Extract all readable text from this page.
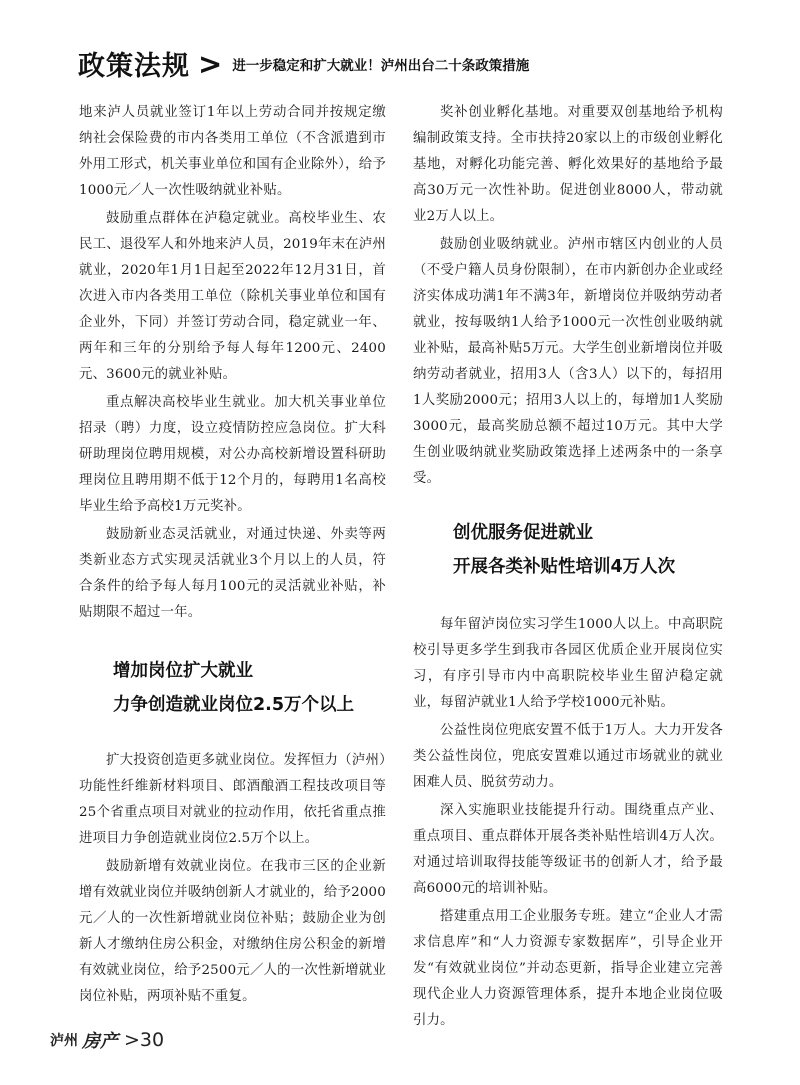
政策法规 > 进一步稳定和扩大就业！泸州出台二十条政策措施

地来泸人员就业签订1年以上劳动合同并按规定缴纳社会保险费的市内各类用工单位（不含派遣到市外用工形式，机关事业单位和国有企业除外），给予1000元／人一次性吸纳就业补贴。

鼓励重点群体在泸稳定就业。高校毕业生、农民工、退役军人和外地来泸人员，2019年末在泸州就业，2020年1月1日起至2022年12月31日，首次进入市内各类用工单位（除机关事业单位和国有企业外，下同）并签订劳动合同，稳定就业一年、两年和三年的分别给予每人每年1200元、2400元、3600元的就业补贴。

重点解决高校毕业生就业。加大机关事业单位招录（聘）力度，设立疫情防控应急岗位。扩大科研助理岗位聘用规模，对公办高校新增设置科研助理岗位且聘用期不低于12个月的，每聘用1名高校毕业生给予高校1万元奖补。

鼓励新业态灵活就业，对通过快递、外卖等两类新业态方式实现灵活就业3个月以上的人员，符合条件的给予每人每月100元的灵活就业补贴，补贴期限不超过一年。

增加岗位扩大就业
力争创造就业岗位2.5万个以上

扩大投资创造更多就业岗位。发挥恒力（泸州）功能性纤维新材料项目、郎酒酿酒工程技改项目等25个省重点项目对就业的拉动作用，依托省重点推进项目力争创造就业岗位2.5万个以上。

鼓励新增有效就业岗位。在我市三区的企业新增有效就业岗位并吸纳创新人才就业的，给予2000元／人的一次性新增就业岗位补贴；鼓励企业为创新人才缴纳住房公积金，对缴纳住房公积金的新增有效就业岗位，给予2500元／人的一次性新增就业岗位补贴，两项补贴不重复。

奖补创业孵化基地。对重要双创基地给予机构编制政策支持。全市扶持20家以上的市级创业孵化基地，对孵化功能完善、孵化效果好的基地给予最高30万元一次性补助。促进创业8000人，带动就业2万人以上。

鼓励创业吸纳就业。泸州市辖区内创业的人员（不受户籍人员身份限制），在市内新创办企业或经济实体成功满1年不满3年，新增岗位并吸纳劳动者就业，按每吸纳1人给予1000元一次性创业吸纳就业补贴，最高补贴5万元。大学生创业新增岗位并吸纳劳动者就业，招用3人（含3人）以下的，每招用1人奖励2000元；招用3人以上的，每增加1人奖励3000元，最高奖励总额不超过10万元。其中大学生创业吸纳就业奖励政策选择上述两条中的一条享受。

创优服务促进就业
开展各类补贴性培训4万人次

每年留泸岗位实习学生1000人以上。中高职院校引导更多学生到我市各园区优质企业开展岗位实习，有序引导市内中高职院校毕业生留泸稳定就业，每留泸就业1人给予学校1000元补贴。

公益性岗位兜底安置不低于1万人。大力开发各类公益性岗位，兜底安置难以通过市场就业的就业困难人员、脱贫劳动力。

深入实施职业技能提升行动。围绕重点产业、重点项目、重点群体开展各类补贴性培训4万人次。对通过培训取得技能等级证书的创新人才，给予最高6000元的培训补贴。

搭建重点用工企业服务专班。建立“企业人才需求信息库”和“人力资源专家数据库”，引导企业开发“有效就业岗位”并动态更新，指导企业建立完善现代企业人力资源管理体系，提升本地企业岗位吸引力。

泸州 房产 >30
